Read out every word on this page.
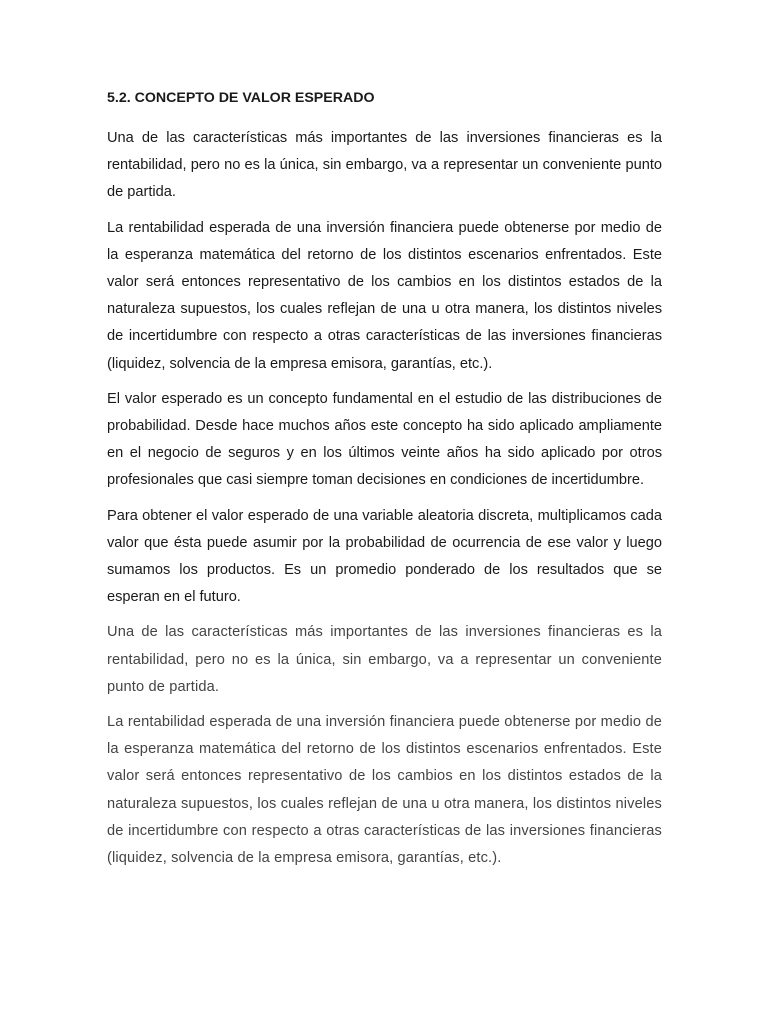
5.2. CONCEPTO DE VALOR ESPERADO

Una de las características más importantes de las inversiones financieras es la rentabilidad, pero no es la única, sin embargo, va a representar un conveniente punto de partida.

La rentabilidad esperada de una inversión financiera puede obtenerse por medio de la esperanza matemática del retorno de los distintos escenarios enfrentados. Este valor será entonces representativo de los cambios en los distintos estados de la naturaleza supuestos, los cuales reflejan de una u otra manera, los distintos niveles de incertidumbre con respecto a otras características de las inversiones financieras (liquidez, solvencia de la empresa emisora, garantías, etc.).

El valor esperado es un concepto fundamental en el estudio de las distribuciones de probabilidad. Desde hace muchos años este concepto ha sido aplicado ampliamente en el negocio de seguros y en los últimos veinte años ha sido aplicado por otros profesionales que casi siempre toman decisiones en condiciones de incertidumbre.

Para obtener el valor esperado de una variable aleatoria discreta, multiplicamos cada valor que ésta puede asumir por la probabilidad de ocurrencia de ese valor y luego sumamos los productos. Es un promedio ponderado de los resultados que se esperan en el futuro.

Una de las características más importantes de las inversiones financieras es la rentabilidad, pero no es la única, sin embargo, va a representar un conveniente punto de partida.

La rentabilidad esperada de una inversión financiera puede obtenerse por medio de la esperanza matemática del retorno de los distintos escenarios enfrentados. Este valor será entonces representativo de los cambios en los distintos estados de la naturaleza supuestos, los cuales reflejan de una u otra manera, los distintos niveles de incertidumbre con respecto a otras características de las inversiones financieras (liquidez, solvencia de la empresa emisora, garantías, etc.).
